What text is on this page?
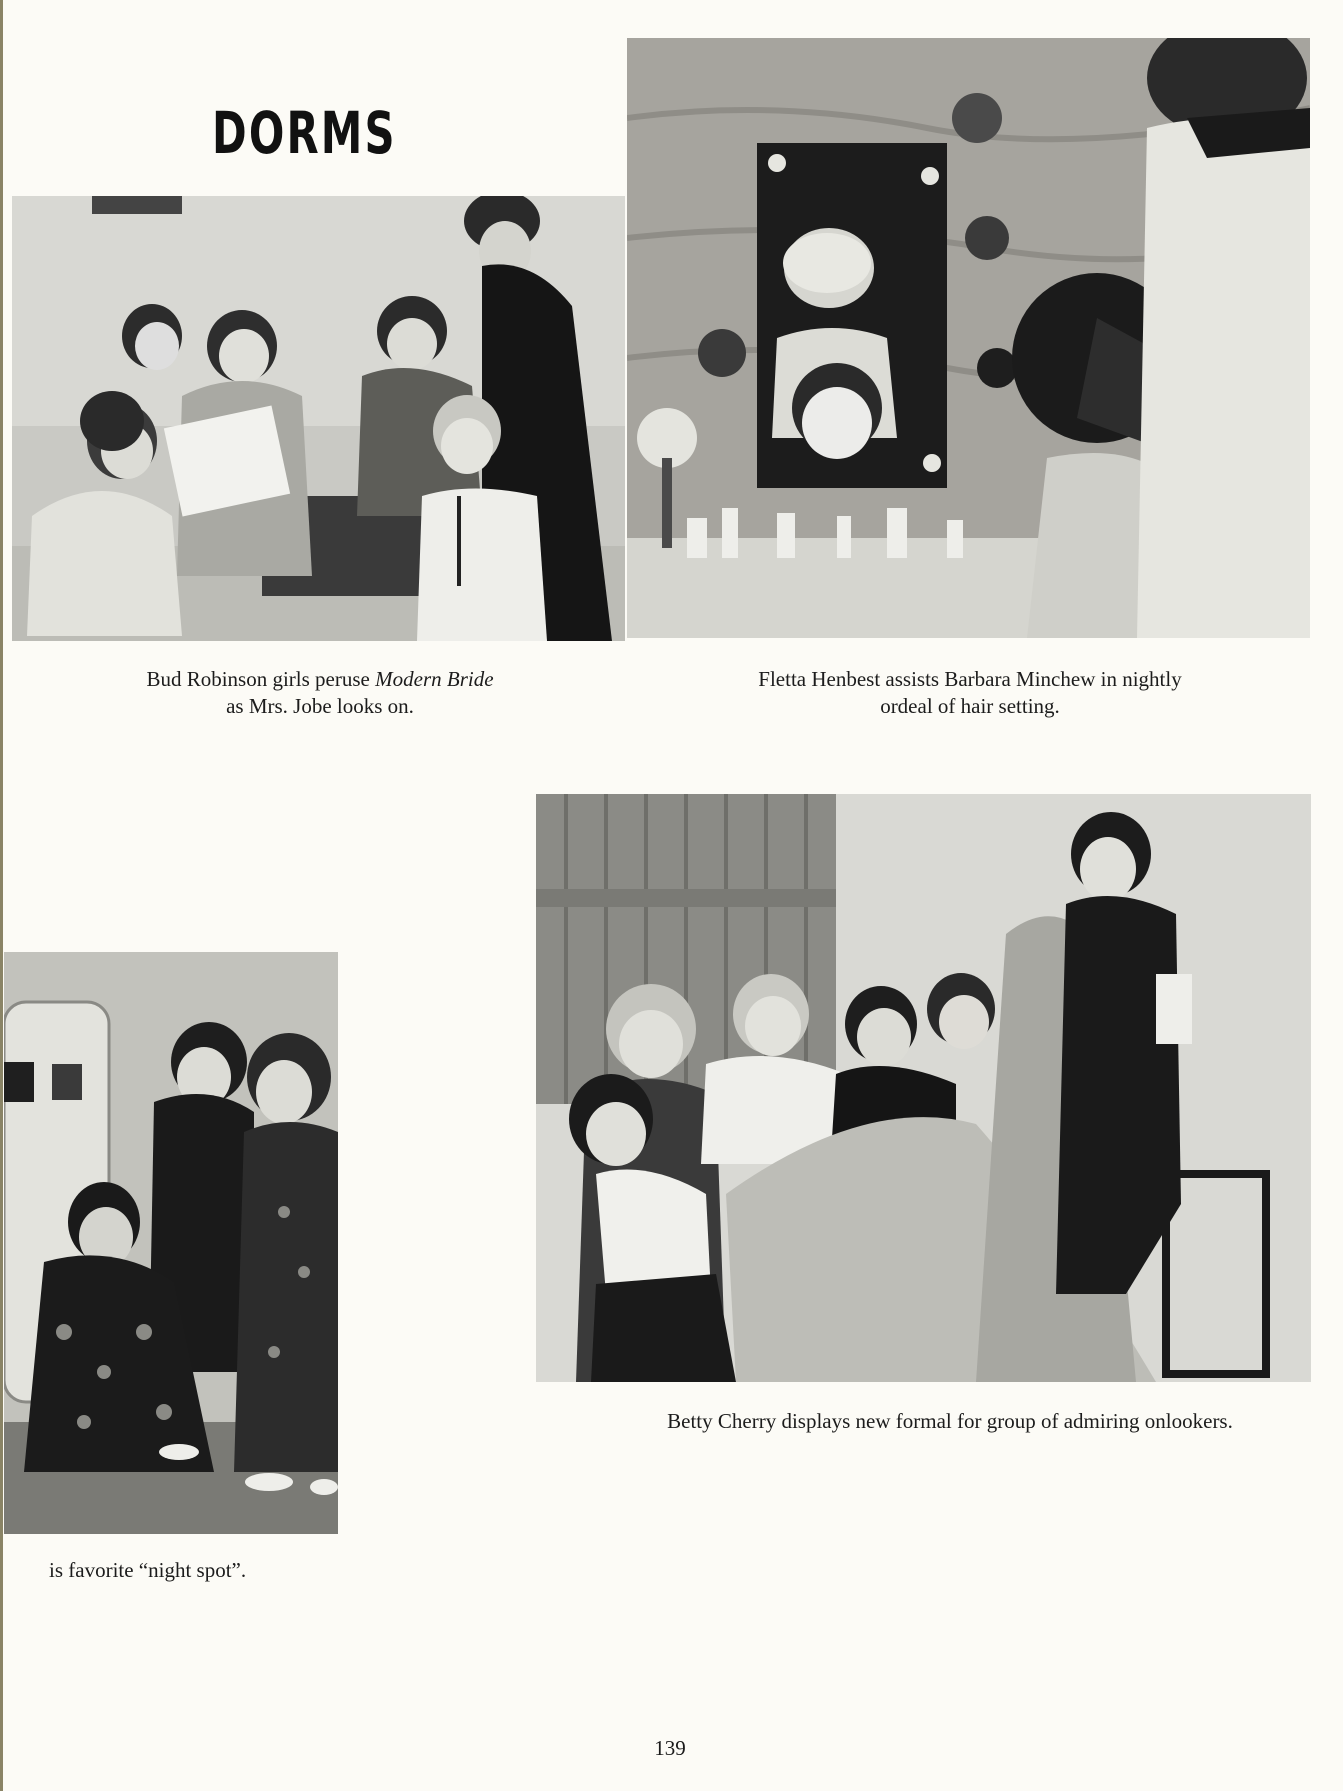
DORMS
Bud Robinson girls peruse Modern Bride
as Mrs. Jobe looks on.
Fletta Henbest assists Barbara Minchew in nightly
ordeal of hair setting.
Betty Cherry displays new formal for group of admiring onlookers.
is favorite “night spot”.
139
